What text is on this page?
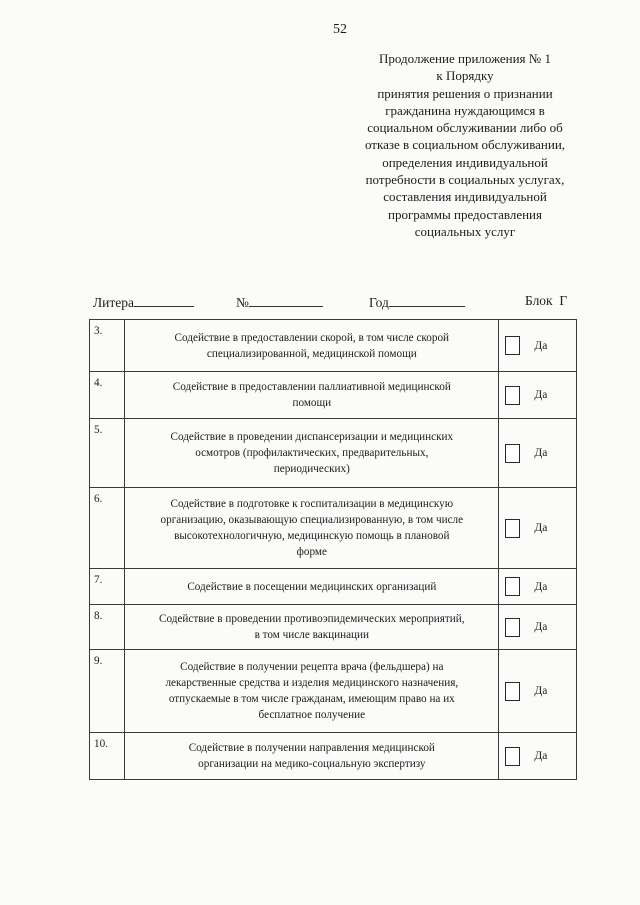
52
Продолжение приложения № 1
к Порядку
принятия решения о признании
гражданина нуждающимся в
социальном обслуживании либо об
отказе в социальном обслуживании,
определения индивидуальной
потребности в социальных услугах,
составления индивидуальной
программы предоставления
социальных услуг
Литера	№	Год	Блок  Г
3.	Содействие в предоставлении скорой, в том числе скорой
специализированной, медицинской помощи	Да

4.	Содействие в предоставлении паллиативной медицинской
помощи	Да

5.	Содействие в проведении диспансеризации и медицинских
осмотров (профилактических, предварительных,
периодических)	Да

6.	Содействие в подготовке к госпитализации в медицинскую
организацию, оказывающую специализированную, в том числе
высокотехнологичную, медицинскую помощь в плановой
форме	Да

7.	Содействие в посещении медицинских организаций	Да

8.	Содействие в проведении противоэпидемических мероприятий,
в том числе вакцинации	Да

9.	Содействие в получении рецепта врача (фельдшера) на
лекарственные средства и изделия медицинского назначения,
отпускаемые в том числе гражданам, имеющим право на их
бесплатное получение	Да

10.	Содействие в получении направления медицинской
организации на медико-социальную экспертизу	Да
